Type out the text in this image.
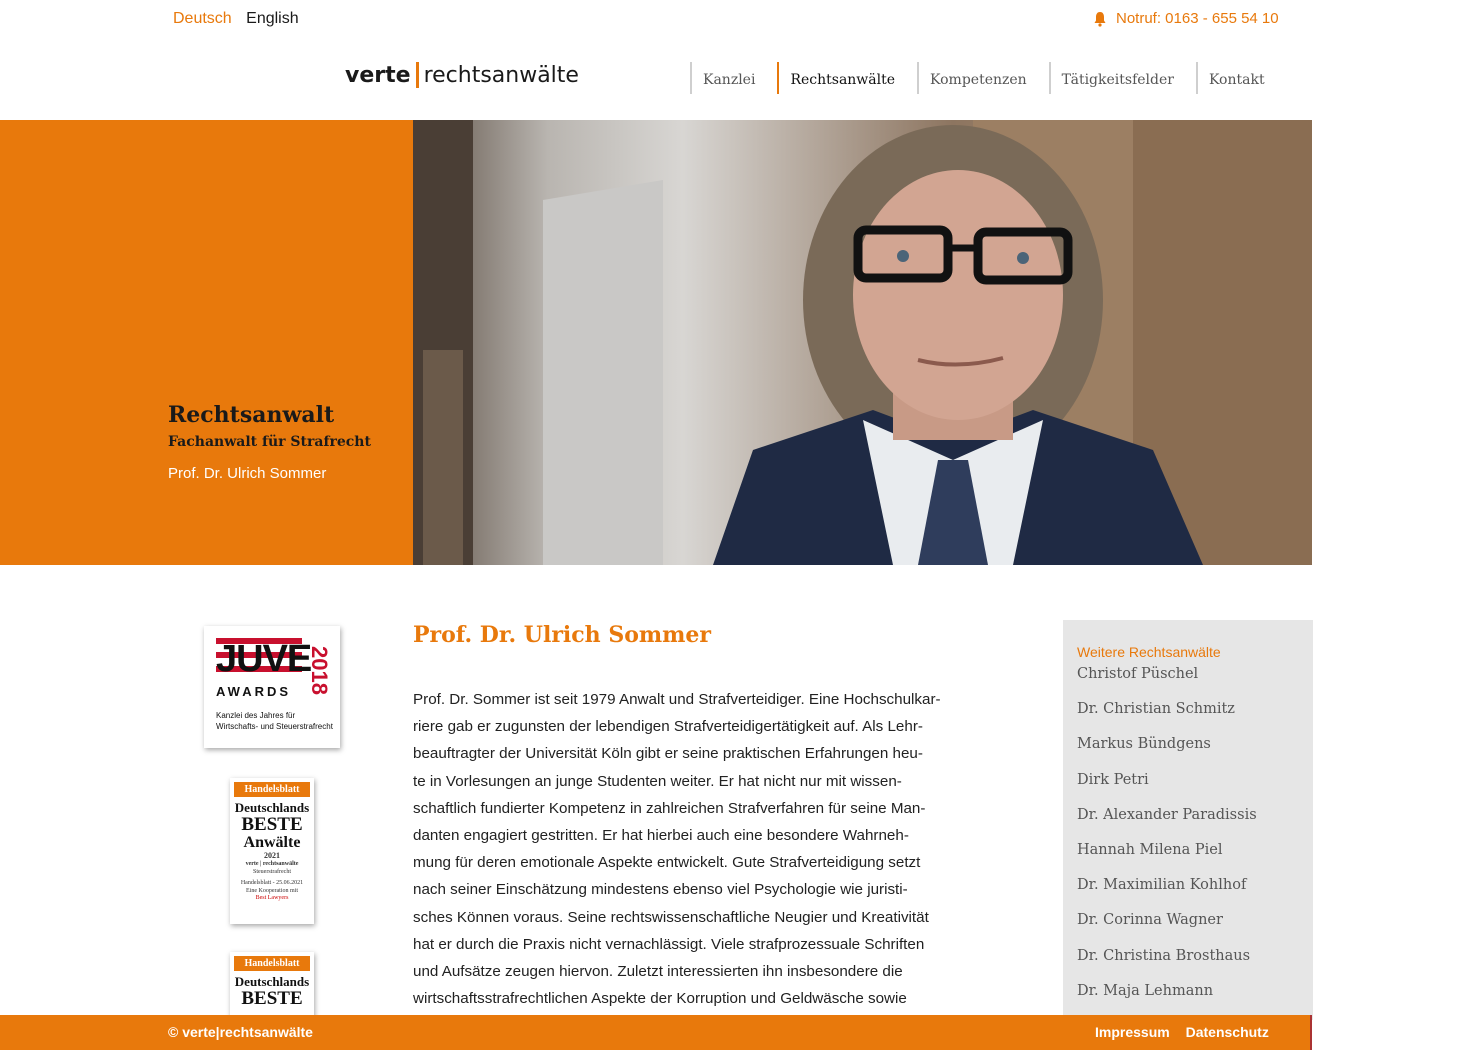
Deutsch English	Notruf: 0163 - 655 54 10
verte rechtsanwälte	Kanzlei	Rechtsanwälte	Kompetenzen	Tätigkeitsfelder	Kontakt
Rechtsanwalt
Fachanwalt für Strafrecht
Prof. Dr. Ulrich Sommer
JUVE
2018
AWARDS
Kanzlei des Jahres für
Wirtschafts- und Steuerstrafrecht
Handelsblatt
Deutschlands
BESTE
Anwälte
2021
verte | rechtsanwälte
Steuerstrafrecht
Handelsblatt - 25.06.2021
Eine Kooperation mit
Best Lawyers
Handelsblatt
Deutschlands
BESTE
Prof. Dr. Ulrich Sommer
Prof. Dr. Sommer ist seit 1979 Anwalt und Strafverteidiger. Eine Hochschulkar-
riere gab er zugunsten der lebendigen Strafverteidigertätigkeit auf. Als Lehr-
beauftragter der Universität Köln gibt er seine praktischen Erfahrungen heu-
te in Vorlesungen an junge Studenten weiter. Er hat nicht nur mit wissen-
schaftlich fundierter Kompetenz in zahlreichen Strafverfahren für seine Man-
danten engagiert gestritten. Er hat hierbei auch eine besondere Wahrneh-
mung für deren emotionale Aspekte entwickelt. Gute Strafverteidigung setzt
nach seiner Einschätzung mindestens ebenso viel Psychologie wie juristi-
sches Können voraus. Seine rechtswissenschaftliche Neugier und Kreativität
hat er durch die Praxis nicht vernachlässigt. Viele strafprozessuale Schriften
und Aufsätze zeugen hiervon. Zuletzt interessierten ihn insbesondere die
wirtschaftsstrafrechtlichen Aspekte der Korruption und Geldwäsche sowie
Weitere Rechtsanwälte
Christof Püschel
Dr. Christian Schmitz
Markus Bündgens
Dirk Petri
Dr. Alexander Paradissis
Hannah Milena Piel
Dr. Maximilian Kohlhof
Dr. Corinna Wagner
Dr. Christina Brosthaus
Dr. Maja Lehmann
© verte|rechtsanwälte	Impressum Datenschutz
